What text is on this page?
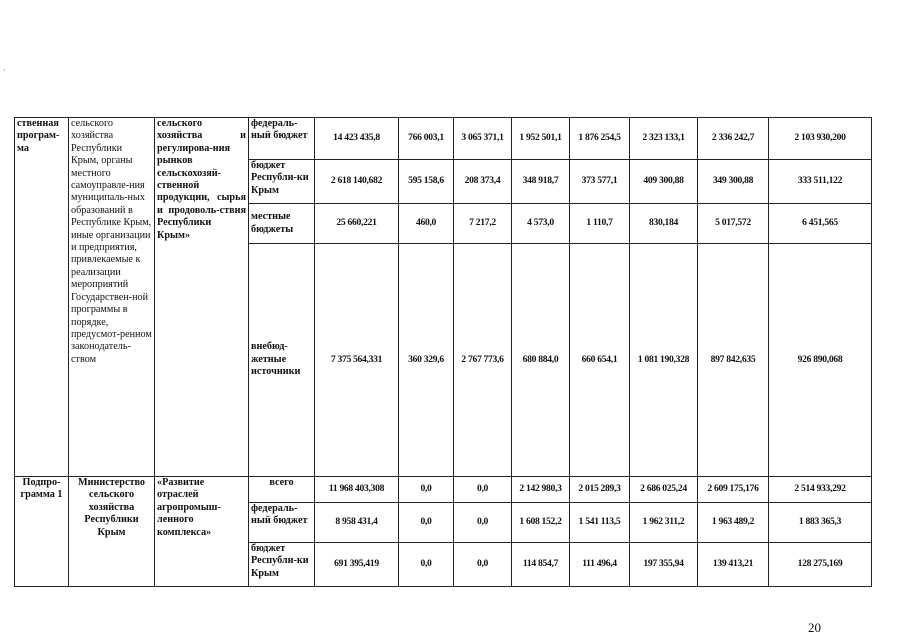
·
ственная програм-ма	сельского хозяйства Республики Крым, органы местного самоуправле-ния муниципаль-ных образований в Республике Крым, иные организации и предприятия, привлекаемые к реализации мероприятий Государствен-ной программы в порядке, предусмот-ренном законодатель-ством	сельского хозяйства и регулирова-ния рынков сельскохозяй-ственной продукции, сырья и продоволь-ствия Республики Крым»	федераль-ный бюджет	14 423 435,8	766 003,1	3 065 371,1	1 952 501,1	1 876 254,5	2 323 133,1	2 336 242,7	2 103 930,200
			бюджет Республи-ки Крым	2 618 140,682	595 158,6	208 373,4	348 918,7	373 577,1	409 300,88	349 300,88	333 511,122
			местные бюджеты	25 660,221	460,0	7 217,2	4 573,0	1 110,7	830,184	5 017,572	6 451,565
			внебюд-жетные источники	7 375 564,331	360 329,6	2 767 773,6	680 884,0	660 654,1	1 081 190,328	897 842,635	926 890,068
Подпро-грамма 1	Министерство сельского хозяйства Республики Крым	«Развитие отраслей агропромыш-ленного комплекса»	всего	11 968 403,308	0,0	0,0	2 142 980,3	2 015 289,3	2 686 025,24	2 609 175,176	2 514 933,292
			федераль-ный бюджет	8 958 431,4	0,0	0,0	1 608 152,2	1 541 113,5	1 962 311,2	1 963 489,2	1 883 365,3
			бюджет Республи-ки Крым	691 395,419	0,0	0,0	114 854,7	111 496,4	197 355,94	139 413,21	128 275,169
20
